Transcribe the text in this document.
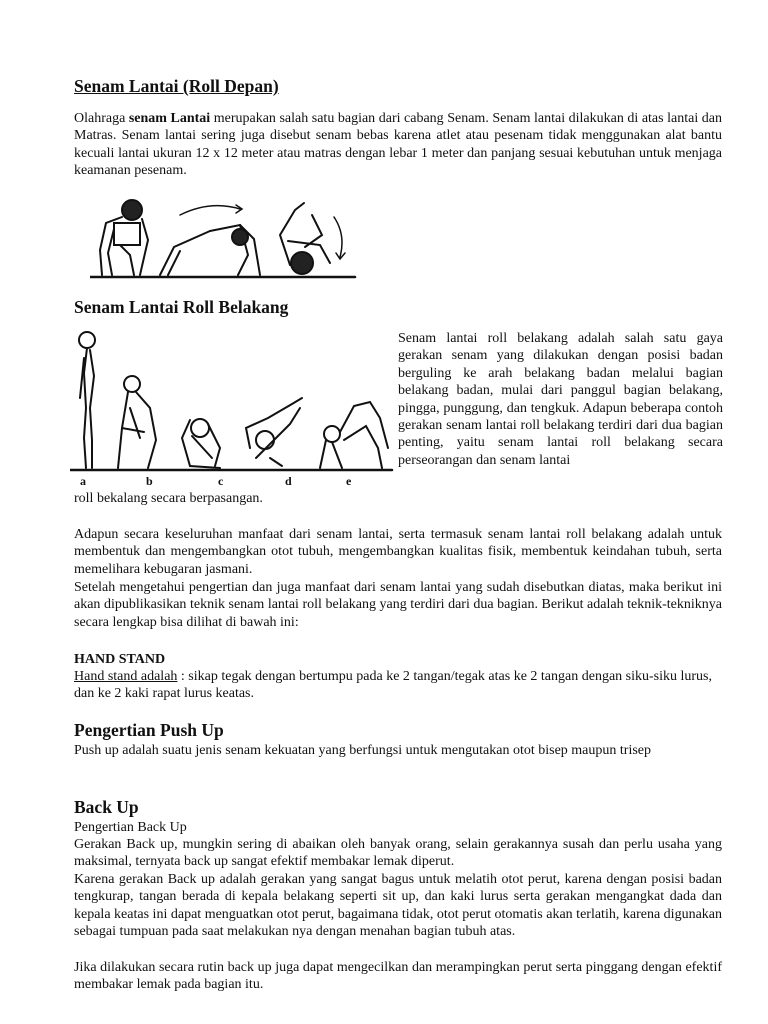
Senam Lantai (Roll Depan)

Olahraga senam Lantai merupakan salah satu bagian dari cabang Senam. Senam lantai dilakukan di atas lantai dan Matras. Senam lantai sering juga disebut senam bebas karena atlet atau pesenam tidak menggunakan alat bantu kecuali lantai ukuran 12 x 12 meter atau matras dengan lebar 1 meter dan panjang sesuai kebutuhan untuk menjaga keamanan pesenam.

Senam Lantai Roll Belakang
a	b	c	d	e

Senam lantai roll belakang adalah salah satu gaya gerakan senam yang dilakukan dengan posisi badan berguling ke arah belakang badan melalui bagian belakang badan, mulai dari panggul bagian belakang, pingga, punggung, dan tengkuk. Adapun beberapa contoh gerakan senam lantai roll belakang terdiri dari dua bagian penting, yaitu senam lantai roll belakang secara perseorangan dan senam lantai

roll bekalang secara berpasangan.

Adapun secara keseluruhan manfaat dari senam lantai, serta termasuk senam lantai roll belakang adalah untuk membentuk dan mengembangkan otot tubuh, mengembangkan kualitas fisik, membentuk keindahan tubuh, serta memelihara kebugaran jasmani.

Setelah mengetahui pengertian dan juga manfaat dari senam lantai yang sudah disebutkan diatas, maka berikut ini akan dipublikasikan teknik senam lantai roll belakang yang terdiri dari dua bagian. Berikut adalah teknik-tekniknya secara lengkap bisa dilihat di bawah ini:

HAND STAND

Hand stand adalah : sikap tegak dengan bertumpu pada ke 2 tangan/tegak atas ke 2 tangan dengan siku-siku lurus, dan ke 2 kaki rapat lurus keatas.

Pengertian Push Up

Push up adalah suatu jenis senam kekuatan yang berfungsi untuk mengutakan otot bisep maupun trisep

Back Up

Pengertian Back Up

Gerakan Back up, mungkin sering di abaikan oleh banyak orang, selain gerakannya susah dan perlu usaha yang maksimal, ternyata back up sangat efektif membakar lemak diperut.

Karena gerakan Back up adalah gerakan yang sangat bagus untuk melatih otot perut, karena dengan posisi badan tengkurap, tangan berada di kepala belakang seperti sit up, dan kaki lurus serta gerakan mengangkat dada dan kepala keatas ini dapat menguatkan otot perut, bagaimana tidak, otot perut otomatis akan terlatih, karena digunakan sebagai tumpuan pada saat melakukan nya dengan menahan bagian tubuh atas.

Jika dilakukan secara rutin back up juga dapat mengecilkan dan merampingkan perut serta pinggang dengan efektif membakar lemak pada bagian itu.
